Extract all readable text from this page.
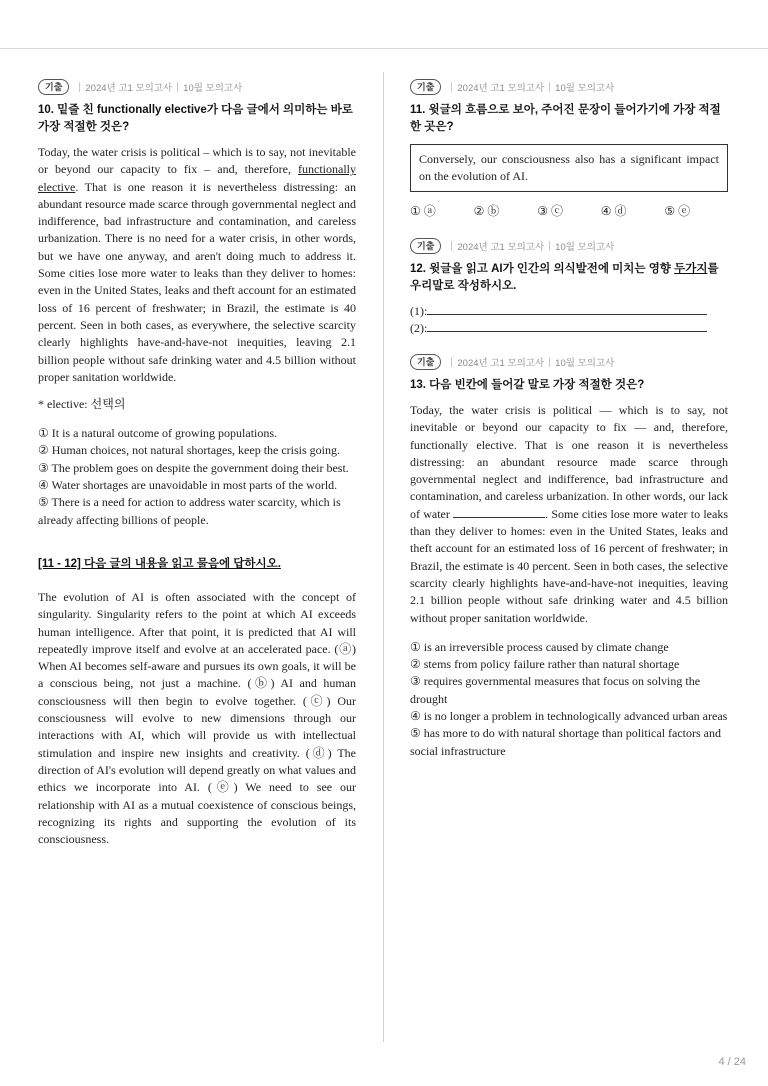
기출	2024년 고1 모의고사 10월 모의고사
10. 밑줄 친 functionally elective가 다음 글에서 의미하는 바로 가장 적절한 것은?

Today, the water crisis is political – which is to say, not inevitable or beyond our capacity to fix – and, therefore, functionally elective. That is one reason it is nevertheless distressing: an abundant resource made scarce through governmental neglect and indifference, bad infrastructure and contamination, and careless urbanization. There is no need for a water crisis, in other words, but we have one anyway, and aren't doing much to address it. Some cities lose more water to leaks than they deliver to homes: even in the United States, leaks and theft account for an estimated loss of 16 percent of freshwater; in Brazil, the estimate is 40 percent. Seen in both cases, as everywhere, the selective scarcity clearly highlights have-and-have-not inequities, leaving 2.1 billion people without safe drinking water and 4.5 billion without proper sanitation worldwide.

* elective: 선택의

① It is a natural outcome of growing populations.

② Human choices, not natural shortages, keep the crisis going.

③ The problem goes on despite the government doing their best.

④ Water shortages are unavoidable in most parts of the world.

⑤ There is a need for action to address water scarcity, which is already affecting billions of people.

[11 - 12] 다음 글의 내용을 읽고 물음에 답하시오.

The evolution of AI is often associated with the concept of singularity. Singularity refers to the point at which AI exceeds human intelligence. After that point, it is predicted that AI will repeatedly improve itself and evolve at an accelerated pace. (ⓐ) When AI becomes self-aware and pursues its own goals, it will be a conscious being, not just a machine. (ⓑ) AI and human consciousness will then begin to evolve together. (ⓒ) Our consciousness will evolve to new dimensions through our interactions with AI, which will provide us with intellectual stimulation and inspire new insights and creativity. (ⓓ) The direction of AI's evolution will depend greatly on what values and ethics we incorporate into AI. (ⓔ) We need to see our relationship with AI as a mutual coexistence of conscious beings, recognizing its rights and supporting the evolution of its consciousness.

기출	2024년 고1 모의고사 10월 모의고사
11. 윗글의 흐름으로 보아, 주어진 문장이 들어가기에 가장 적절한 곳은?
Conversely, our consciousness also has a significant impact on the evolution of AI.
① ⓐ	② ⓑ	③ ⓒ	④ ⓓ	⑤ ⓔ
기출	2024년 고1 모의고사 10월 모의고사
12. 윗글을 읽고 AI가 인간의 의식발전에 미치는 영향 두가지를 우리말로 작성하시오.
(1):
(2):
기출	2024년 고1 모의고사 10월 모의고사
13. 다음 빈칸에 들어갈 말로 가장 적절한 것은?

Today, the water crisis is political — which is to say, not inevitable or beyond our capacity to fix — and, therefore, functionally elective. That is one reason it is nevertheless distressing: an abundant resource made scarce through governmental neglect and indifference, bad infrastructure and contamination, and careless urbanization. In other words, our lack of water	. Some cities lose more water to leaks than they deliver to homes: even in the United States, leaks and theft account for an estimated loss of 16 percent of freshwater; in Brazil, the estimate is 40 percent. Seen in both cases, the selective scarcity clearly highlights have-and-have-not inequities, leaving 2.1 billion people without safe drinking water and 4.5 billion without proper sanitation worldwide.

① is an irreversible process caused by climate change

② stems from policy failure rather than natural shortage

③ requires governmental measures that focus on solving the drought

④ is no longer a problem in technologically advanced urban areas

⑤ has more to do with natural shortage than political factors and social infrastructure

4 / 24
